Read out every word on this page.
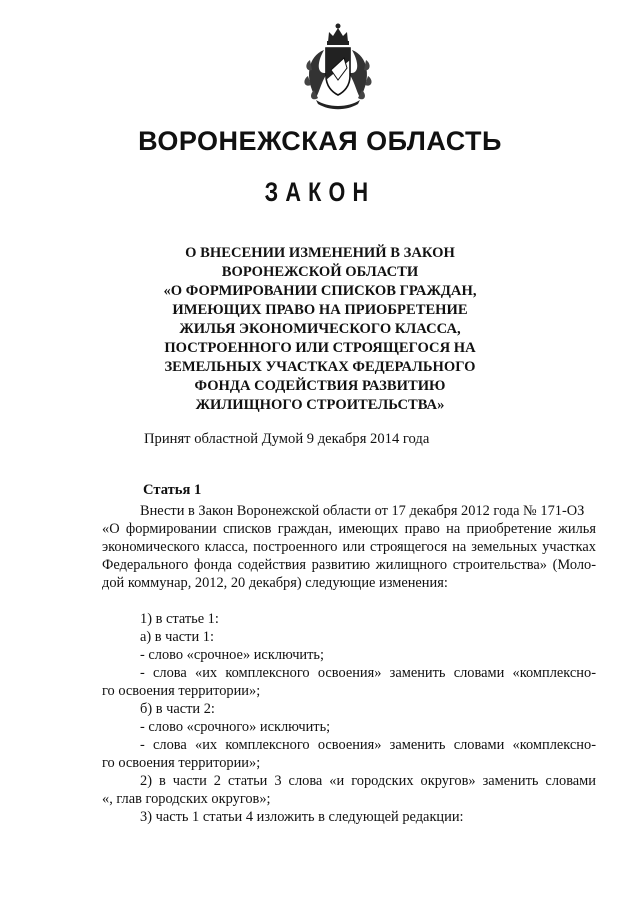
ВОРОНЕЖСКАЯ ОБЛАСТЬ
ЗАКОН
О ВНЕСЕНИИ ИЗМЕНЕНИЙ В ЗАКОН
ВОРОНЕЖСКОЙ ОБЛАСТИ
«О ФОРМИРОВАНИИ СПИСКОВ ГРАЖДАН,
ИМЕЮЩИХ ПРАВО НА ПРИОБРЕТЕНИЕ
ЖИЛЬЯ ЭКОНОМИЧЕСКОГО КЛАССА,
ПОСТРОЕННОГО ИЛИ СТРОЯЩЕГОСЯ НА
ЗЕМЕЛЬНЫХ УЧАСТКАХ ФЕДЕРАЛЬНОГО
ФОНДА СОДЕЙСТВИЯ РАЗВИТИЮ
ЖИЛИЩНОГО СТРОИТЕЛЬСТВА»
Принят областной Думой 9 декабря 2014 года
Статья 1
Внести в Закон Воронежской области от 17 декабря 2012 года № 171-ОЗ
«О формировании списков граждан, имеющих право на приобретение жилья
экономического класса, построенного или строящегося на земельных участках
Федерального фонда содействия развитию жилищного строительства» (Моло-
дой коммунар, 2012, 20 декабря) следующие изменения:
1) в статье 1:
а) в части 1:
- слово «срочное» исключить;
- слова «их комплексного освоения» заменить словами «комплексно-
го освоения территории»;
б) в части 2:
- слово «срочного» исключить;
- слова «их комплексного освоения» заменить словами «комплексно-
го освоения территории»;
2) в части 2 статьи 3 слова «и городских округов» заменить словами
«, глав городских округов»;
3) часть 1 статьи 4 изложить в следующей редакции:
